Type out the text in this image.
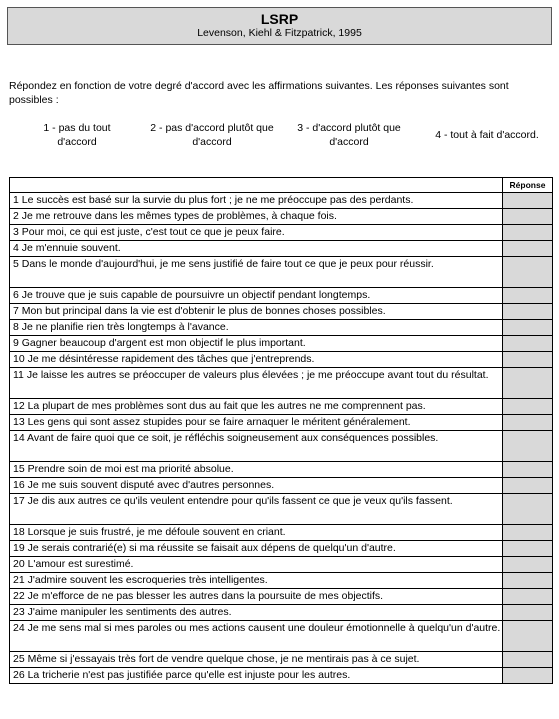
LSRP
Levenson, Kiehl & Fitzpatrick, 1995
Répondez en fonction de votre degré d'accord avec les affirmations suivantes. Les réponses suivantes sont possibles :
1 - pas du tout d'accord
2 - pas d'accord plutôt que d'accord
3 - d'accord plutôt que d'accord
4 - tout à fait d'accord.
	Réponse
1 Le succès est basé sur la survie du plus fort ; je ne me préoccupe pas des perdants.	
2 Je me retrouve dans les mêmes types de problèmes, à chaque fois.	
3 Pour moi, ce qui est juste, c'est tout ce que je peux faire.	
4 Je m'ennuie souvent.	
5 Dans le monde d'aujourd'hui, je me sens justifié de faire tout ce que je peux pour réussir.	
6 Je trouve que je suis capable de poursuivre un objectif pendant longtemps.	
7 Mon but principal dans la vie est d'obtenir le plus de bonnes choses possibles.	
8 Je ne planifie rien très longtemps à l'avance.	
9 Gagner beaucoup d'argent est mon objectif le plus important.	
10 Je me désintéresse rapidement des tâches que j'entreprends.	
11 Je laisse les autres se préoccuper de valeurs plus élevées ; je me préoccupe avant tout du résultat.	
12 La plupart de mes problèmes sont dus au fait que les autres ne me comprennent pas.	
13 Les gens qui sont assez stupides pour se faire arnaquer le méritent généralement.	
14 Avant de faire quoi que ce soit, je réfléchis soigneusement aux conséquences possibles.	
15 Prendre soin de moi est ma priorité absolue.	
16 Je me suis souvent disputé avec d'autres personnes.	
17 Je dis aux autres ce qu'ils veulent entendre pour qu'ils fassent ce que je veux qu'ils fassent.	
18 Lorsque je suis frustré, je me défoule souvent en criant.	
19 Je serais contrarié(e) si ma réussite se faisait aux dépens de quelqu'un d'autre.	
20 L'amour est surestimé.	
21 J'admire souvent les escroqueries très intelligentes.	
22 Je m'efforce de ne pas blesser les autres dans la poursuite de mes objectifs.	
23 J'aime manipuler les sentiments des autres.	
24 Je me sens mal si mes paroles ou mes actions causent une douleur émotionnelle à quelqu'un d'autre.	
25 Même si j'essayais très fort de vendre quelque chose, je ne mentirais pas à ce sujet.	
26 La tricherie n'est pas justifiée parce qu'elle est injuste pour les autres.	
